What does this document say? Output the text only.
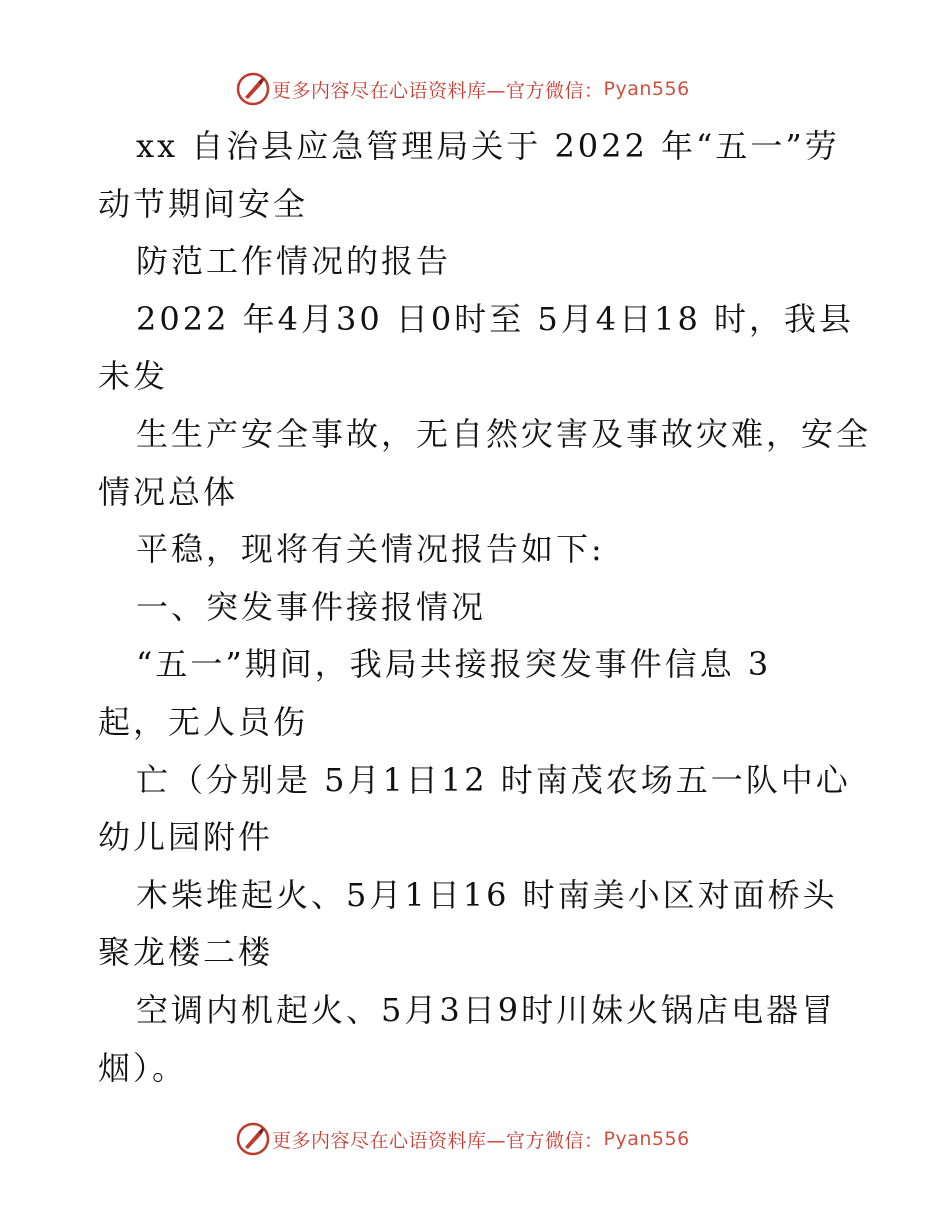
更多内容尽在心语资料库—官方微信： Pyan556
xx 自治县应急管理局关于 2022 年“五一”劳
动节期间安全
防范工作情况的报告
2022 年4月30 日0时至 5月4日18 时，我县
未发
生生产安全事故，无自然灾害及事故灾难，安全
情况总体
平稳，现将有关情况报告如下:
一、突发事件接报情况
“五一”期间，我局共接报突发事件信息 3
起，无人员伤
亡（分别是 5月1日12 时南茂农场五一队中心
幼儿园附件
木柴堆起火、5月1日16 时南美小区对面桥头
聚龙楼二楼
空调内机起火、5月3日9时川妹火锅店电器冒
烟）。
更多内容尽在心语资料库—官方微信： Pyan556
